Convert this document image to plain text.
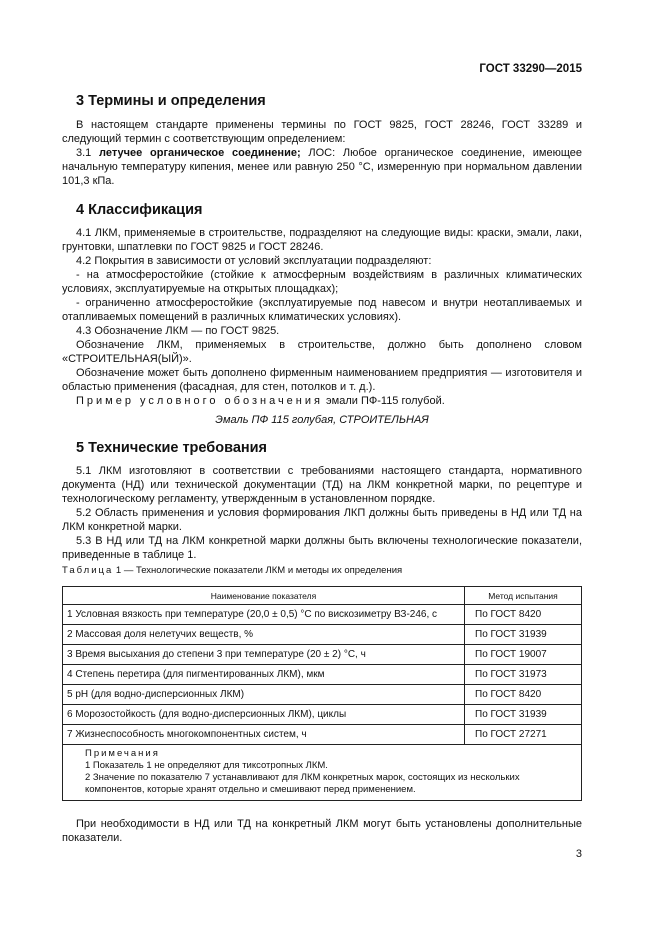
ГОСТ 33290—2015
3 Термины и определения

В настоящем стандарте применены термины по ГОСТ 9825, ГОСТ 28246, ГОСТ 33289 и следующий термин с соответствующим определением:

3.1 летучее органическое соединение; ЛОС: Любое органическое соединение, имеющее начальную температуру кипения, менее или равную 250 °C, измеренную при нормальном давлении 101,3 кПа.

4 Классификация

4.1 ЛКМ, применяемые в строительстве, подразделяют на следующие виды: краски, эмали, лаки, грунтовки, шпатлевки по ГОСТ 9825 и ГОСТ 28246.

4.2 Покрытия в зависимости от условий эксплуатации подразделяют:

- на атмосферостойкие (стойкие к атмосферным воздействиям в различных климатических условиях, эксплуатируемые на открытых площадках);

- ограниченно атмосферостойкие (эксплуатируемые под навесом и внутри неотапливаемых и отапливаемых помещений в различных климатических условиях).

4.3 Обозначение ЛКМ — по ГОСТ 9825.

Обозначение ЛКМ, применяемых в строительстве, должно быть дополнено словом «СТРОИТЕЛЬНАЯ(ЫЙ)».

Обозначение может быть дополнено фирменным наименованием предприятия — изготовителя и областью применения (фасадная, для стен, потолков и т. д.).

Пример условного обозначения эмали ПФ-115 голубой.

Эмаль ПФ 115 голубая, СТРОИТЕЛЬНАЯ
5 Технические требования

5.1 ЛКМ изготовляют в соответствии с требованиями настоящего стандарта, нормативного документа (НД) или технической документации (ТД) на ЛКМ конкретной марки, по рецептуре и технологическому регламенту, утвержденным в установленном порядке.

5.2 Область применения и условия формирования ЛКП должны быть приведены в НД или ТД на ЛКМ конкретной марки.

5.3 В НД или ТД на ЛКМ конкретной марки должны быть включены технологические показатели, приведенные в таблице 1.

Таблица 1 — Технологические показатели ЛКМ и методы их определения
Наименование показателя	Метод испытания
1 Условная вязкость при температуре (20,0 ± 0,5) °C по вискозиметру ВЗ-246, с	По ГОСТ 8420
2 Массовая доля нелетучих веществ, %	По ГОСТ 31939
3 Время высыхания до степени 3 при температуре (20 ± 2) °C, ч	По ГОСТ 19007
4 Степень перетира (для пигментированных ЛКМ), мкм	По ГОСТ 31973
5 pH (для водно-дисперсионных ЛКМ)	По ГОСТ 8420
6 Морозостойкость (для водно-дисперсионных ЛКМ), циклы	По ГОСТ 31939
7 Жизнеспособность многокомпонентных систем, ч	По ГОСТ 27271

Примечания
1 Показатель 1 не определяют для тиксотропных ЛКМ.
2 Значение по показателю 7 устанавливают для ЛКМ конкретных марок, состоящих из нескольких компонентов, которые хранят отдельно и смешивают перед применением.	

При необходимости в НД или ТД на конкретный ЛКМ могут быть установлены дополнительные показатели.

3
